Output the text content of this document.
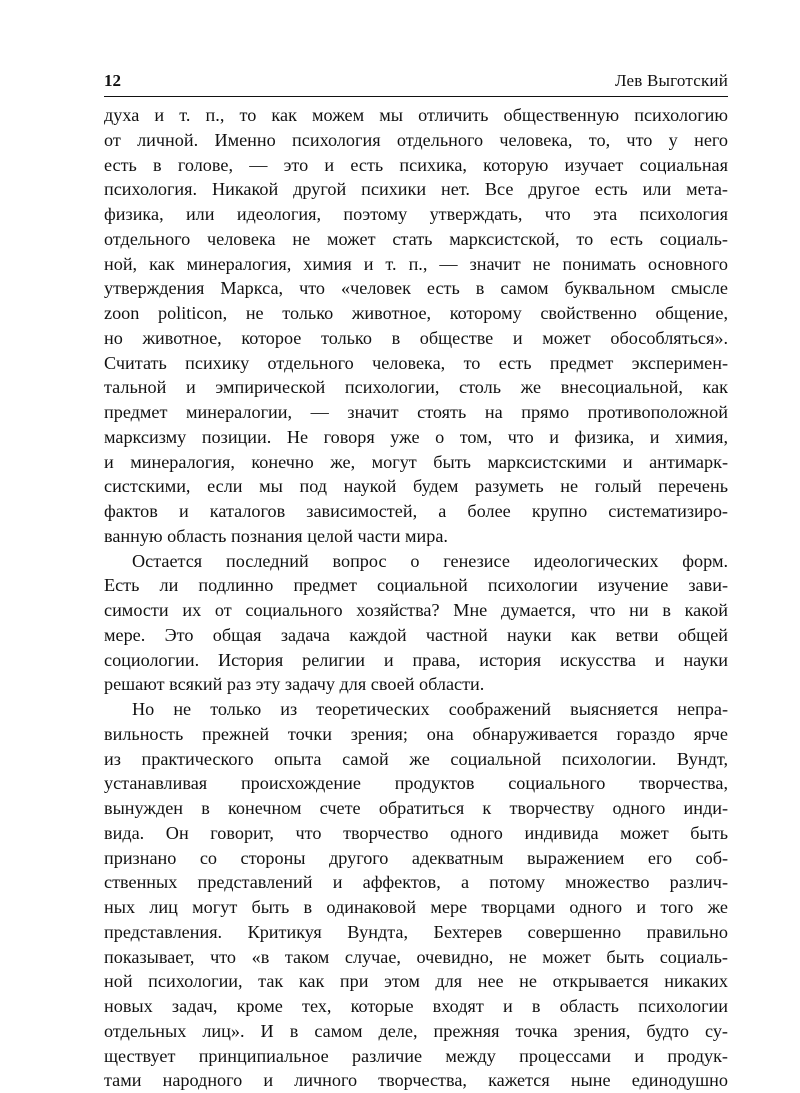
12	Лев Выготский
духа и т. п., то как можем мы отличить общественную психологию
от личной. Именно психология отдельного человека, то, что у него
есть в голове, — это и есть психика, которую изучает социальная
психология. Никакой другой психики нет. Все другое есть или мета-
физика, или идеология, поэтому утверждать, что эта психология
отдельного человека не может стать марксистской, то есть социаль-
ной, как минералогия, химия и т. п., — значит не понимать основного
утверждения Маркса, что «человек есть в самом буквальном смысле
zoon politicon, не только животное, которому свойственно общение,
но животное, которое только в обществе и может обособляться».
Считать психику отдельного человека, то есть предмет эксперимен-
тальной и эмпирической психологии, столь же внесоциальной, как
предмет минералогии, — значит стоять на прямо противоположной
марксизму позиции. Не говоря уже о том, что и физика, и химия,
и минералогия, конечно же, могут быть марксистскими и антимарк-
систскими, если мы под наукой будем разуметь не голый перечень
фактов и каталогов зависимостей, а более крупно систематизиро-
ванную область познания целой части мира.
Остается последний вопрос о генезисе идеологических форм.
Есть ли подлинно предмет социальной психологии изучение зави-
симости их от социального хозяйства? Мне думается, что ни в какой
мере. Это общая задача каждой частной науки как ветви общей
социологии. История религии и права, история искусства и науки
решают всякий раз эту задачу для своей области.
Но не только из теоретических соображений выясняется непра-
вильность прежней точки зрения; она обнаруживается гораздо ярче
из практического опыта самой же социальной психологии. Вундт,
устанавливая происхождение продуктов социального творчества,
вынужден в конечном счете обратиться к творчеству одного инди-
вида. Он говорит, что творчество одного индивида может быть
признано со стороны другого адекватным выражением его соб-
ственных представлений и аффектов, а потому множество различ-
ных лиц могут быть в одинаковой мере творцами одного и того же
представления. Критикуя Вундта, Бехтерев совершенно правильно
показывает, что «в таком случае, очевидно, не может быть социаль-
ной психологии, так как при этом для нее не открывается никаких
новых задач, кроме тех, которые входят и в область психологии
отдельных лиц». И в самом деле, прежняя точка зрения, будто су-
ществует принципиальное различие между процессами и продук-
тами народного и личного творчества, кажется ныне единодушно
